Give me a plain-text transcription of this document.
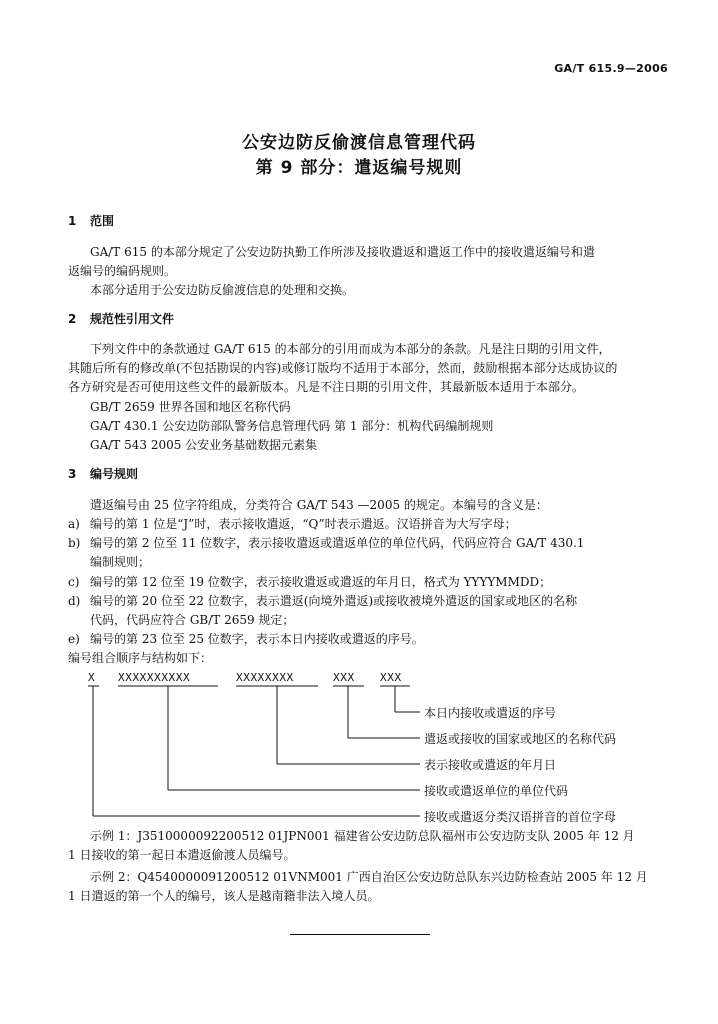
GA/T 615.9—2006
公安边防反偷渡信息管理代码
第 9 部分：遣返编号规则
1 范围
GA/T 615 的本部分规定了公安边防执勤工作所涉及接收遣返和遣返工作中的接收遣返编号和遣
返编号的编码规则。
本部分适用于公安边防反偷渡信息的处理和交换。
2 规范性引用文件
下列文件中的条款通过 GA/T 615 的本部分的引用而成为本部分的条款。凡是注日期的引用文件，
其随后所有的修改单(不包括勘误的内容)或修订版均不适用于本部分，然而，鼓励根据本部分达成协议的
各方研究是否可使用这些文件的最新版本。凡是不注日期的引用文件，其最新版本适用于本部分。
GB/T 2659 世界各国和地区名称代码
GA/T 430.1 公安边防部队警务信息管理代码 第 1 部分：机构代码编制规则
GA/T 543 2005 公安业务基础数据元素集
3 编号规则
遣返编号由 25 位字符组成，分类符合 GA/T 543 —2005 的规定。本编号的含义是：
a) 编号的第 1 位是“J”时，表示接收遣返，“Q”时表示遣返。汉语拼音为大写字母；
b) 编号的第 2 位至 11 位数字，表示接收遣返或遣返单位的单位代码，代码应符合 GA/T 430.1
编制规则；
c) 编号的第 12 位至 19 位数字，表示接收遣返或遣返的年月日，格式为 YYYYMMDD；
d) 编号的第 20 位至 22 位数字，表示遣返(向境外遣返)或接收被境外遣返的国家或地区的名称
代码，代码应符合 GB/T 2659 规定；
e) 编号的第 23 位至 25 位数字，表示本日内接收或遣返的序号。
编号组合顺序与结构如下：
X XXXXXXXXXX	XXXXXXXX	XXX XXX
本日内接收或遣返的序号
遣返或接收的国家或地区的名称代码
表示接收或遣返的年月日
接收或遣返单位的单位代码
接收或遣返分类汉语拼音的首位字母
示例 1：J3510000092200512 01JPN001 福建省公安边防总队福州市公安边防支队 2005 年 12 月
1 日接收的第一起日本遣返偷渡人员编号。
示例 2：Q4540000091200512 01VNM001 广西自治区公安边防总队东兴边防检查站 2005 年 12 月
1 日遣返的第一个人的编号，该人是越南籍非法入境人员。
